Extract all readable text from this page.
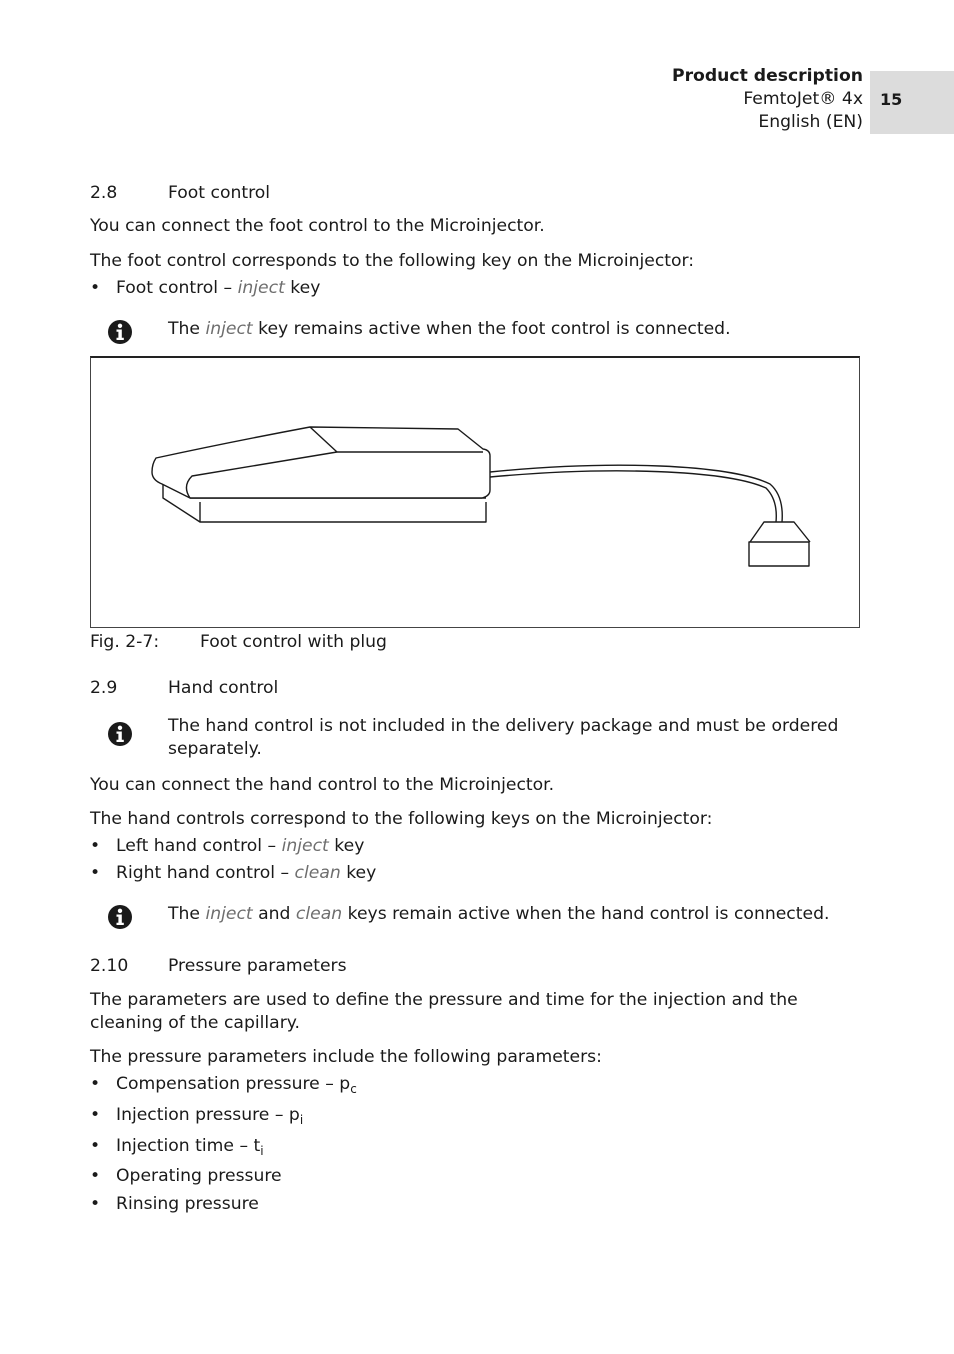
Product description
FemtoJet® 4x
English (EN)
15
2.8	Foot control
You can connect the foot control to the Microinjector.
The foot control corresponds to the following key on the Microinjector:
• Foot control – inject key
The inject key remains active when the foot control is connected.
Fig. 2-7: Foot control with plug
2.9	Hand control
The hand control is not included in the delivery package and must be ordered separately.
You can connect the hand control to the Microinjector.
The hand controls correspond to the following keys on the Microinjector:
• Left hand control – inject key
• Right hand control – clean key
The inject and clean keys remain active when the hand control is connected.
2.10 Pressure parameters
The parameters are used to define the pressure and time for the injection and the cleaning of the capillary.
The pressure parameters include the following parameters:
• Compensation pressure – $p_c$
• Injection pressure – $p_i$
• Injection time – $t_i$
• Operating pressure
• Rinsing pressure
